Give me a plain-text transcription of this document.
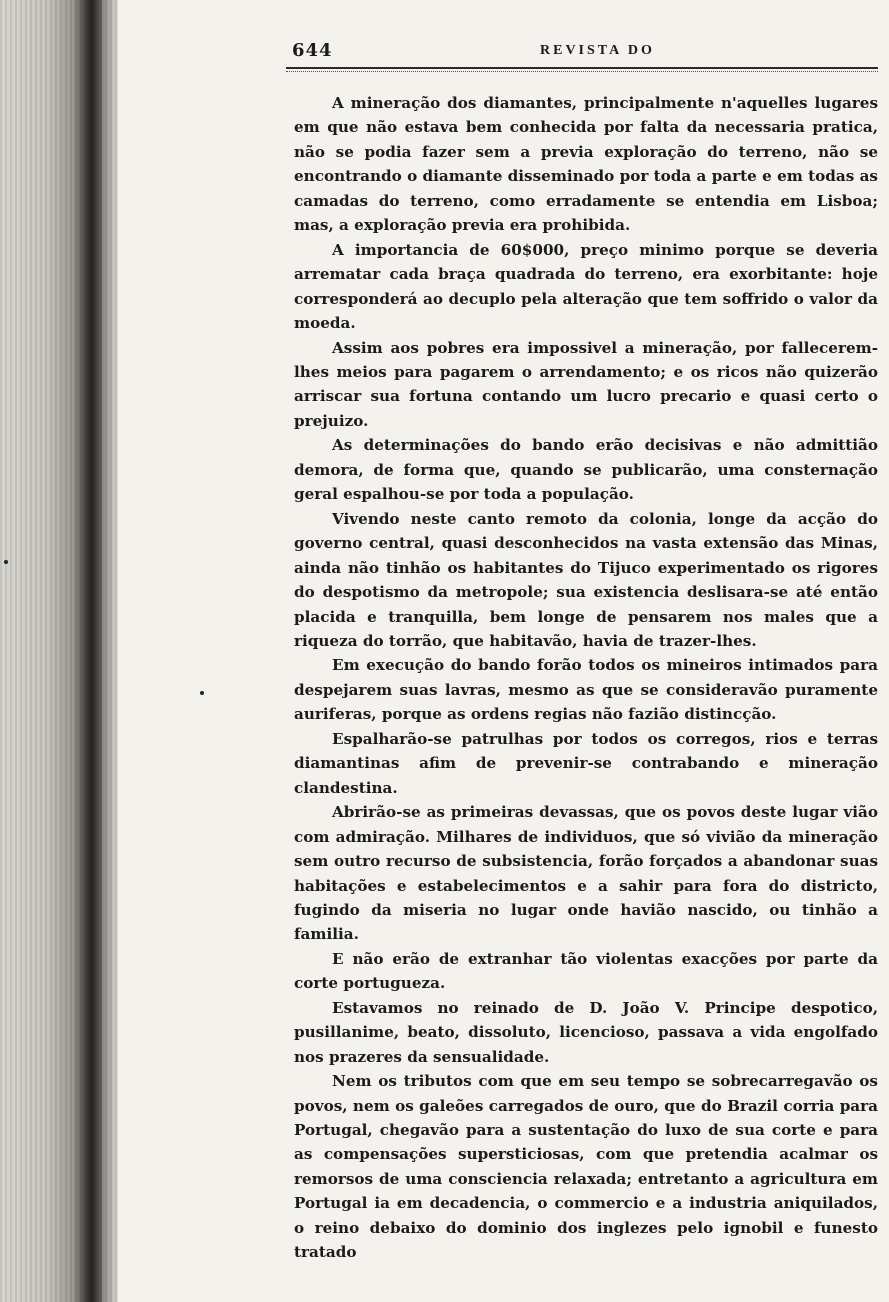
644	REVISTA DO

A mineração dos diamantes, principalmente n'aquelles lugares em que não estava bem conhecida por falta da necessaria pratica, não se podia fazer sem a previa exploração do terreno, não se encontrando o diamante disseminado por toda a parte e em todas as camadas do terreno, como erradamente se entendia em Lisboa; mas, a exploração previa era prohibida.

A importancia de 60$000, preço minimo porque se deveria arrematar cada braça quadrada do terreno, era exorbitante: hoje corresponderá ao decuplo pela alteração que tem soffrido o valor da moeda.

Assim aos pobres era impossivel a mineração, por fallecerem-lhes meios para pagarem o arrendamento; e os ricos não quizerão arriscar sua fortuna contando um lucro precario e quasi certo o prejuizo.

As determinações do bando erão decisivas e não admittião demora, de forma que, quando se publicarão, uma consternação geral espalhou-se por toda a população.

Vivendo neste canto remoto da colonia, longe da acção do governo central, quasi desconhecidos na vasta extensão das Minas, ainda não tinhão os habitantes do Tijuco experimentado os rigores do despotismo da metropole; sua existencia deslisara-se até então placida e tranquilla, bem longe de pensarem nos males que a riqueza do torrão, que habitavão, havia de trazer-lhes.

Em execução do bando forão todos os mineiros intimados para despejarem suas lavras, mesmo as que se consideravão puramente auriferas, porque as ordens regias não fazião distincção.

Espalharão-se patrulhas por todos os corregos, rios e terras diamantinas afim de prevenir-se contrabando e mineração clandestina.

Abrirão-se as primeiras devassas, que os povos deste lugar vião com admiração. Milhares de individuos, que só vivião da mineração sem outro recurso de subsistencia, forão forçados a abandonar suas habitações e estabelecimentos e a sahir para fora do districto, fugindo da miseria no lugar onde havião nascido, ou tinhão a familia.

E não erão de extranhar tão violentas exacções por parte da corte portugueza.

Estavamos no reinado de D. João V. Principe despotico, pusillanime, beato, dissoluto, licencioso, passava a vida engolfado nos prazeres da sensualidade.

Nem os tributos com que em seu tempo se sobrecarregavão os povos, nem os galeões carregados de ouro, que do Brazil corria para Portugal, chegavão para a sustentação do luxo de sua corte e para as compensações supersticiosas, com que pretendia acalmar os remorsos de uma consciencia relaxada; entretanto a agricultura em Portugal ia em decadencia, o commercio e a industria aniquilados, o reino debaixo do dominio dos inglezes pelo ignobil e funesto tratado
